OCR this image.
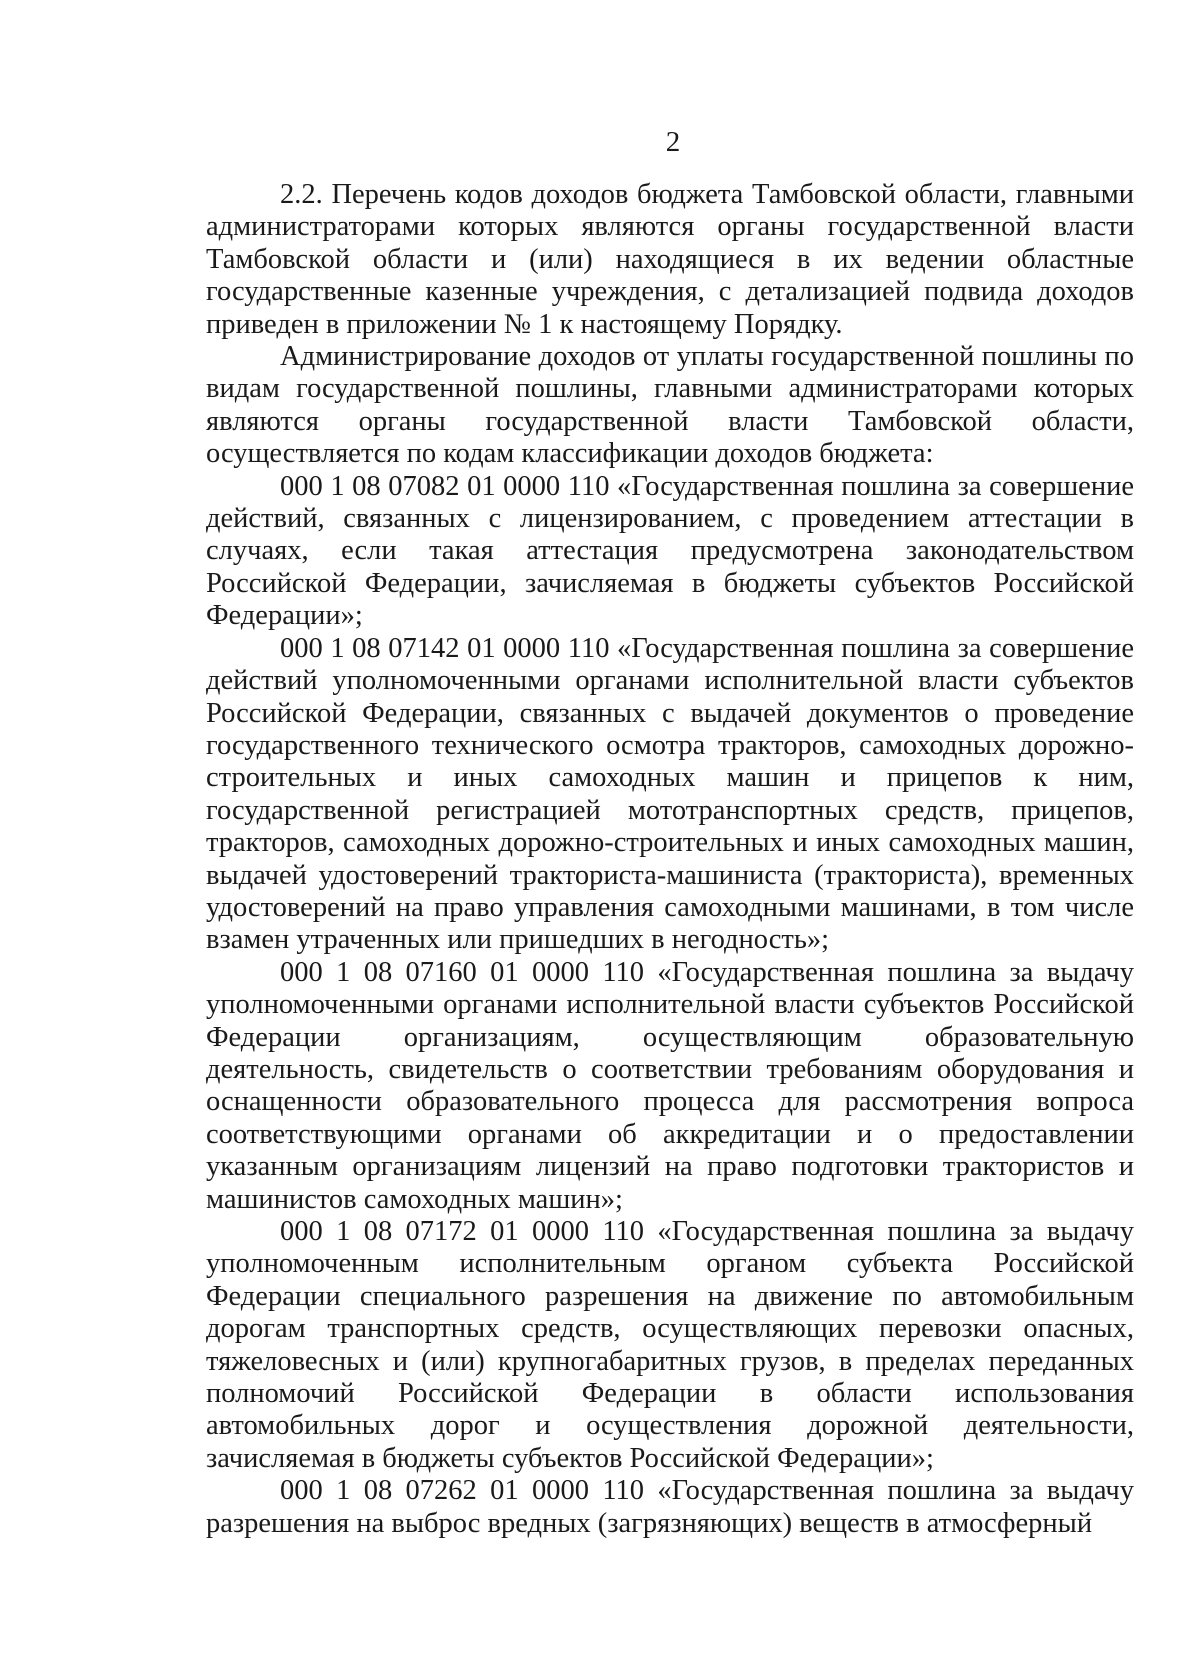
2

2.2. Перечень кодов доходов бюджета Тамбовской области, главными администраторами которых являются органы государственной власти Тамбовской области и (или) находящиеся в их ведении областные государственные казенные учреждения, с детализацией подвида доходов приведен в приложении № 1 к настоящему Порядку.

Администрирование доходов от уплаты государственной пошлины по видам государственной пошлины, главными администраторами которых являются органы государственной власти Тамбовской области, осуществляется по кодам классификации доходов бюджета:

000 1 08 07082 01 0000 110 «Государственная пошлина за совершение действий, связанных с лицензированием, с проведением аттестации в случаях, если такая аттестация предусмотрена законодательством Российской Федерации, зачисляемая в бюджеты субъектов Российской Федерации»;

000 1 08 07142 01 0000 110 «Государственная пошлина за совершение действий уполномоченными органами исполнительной власти субъектов Российской Федерации, связанных с выдачей документов о проведение государственного технического осмотра тракторов, самоходных дорожно-строительных и иных самоходных машин и прицепов к ним, государственной регистрацией мототранспортных средств, прицепов, тракторов, самоходных дорожно-строительных и иных самоходных машин, выдачей удостоверений тракториста-машиниста (тракториста), временных удостоверений на право управления самоходными машинами, в том числе взамен утраченных или пришедших в негодность»;

000 1 08 07160 01 0000 110 «Государственная пошлина за выдачу уполномоченными органами исполнительной власти субъектов Российской Федерации организациям, осуществляющим образовательную деятельность, свидетельств о соответствии требованиям оборудования и оснащенности образовательного процесса для рассмотрения вопроса соответствующими органами об аккредитации и о предоставлении указанным организациям лицензий на право подготовки трактористов и машинистов самоходных машин»;

000 1 08 07172 01 0000 110 «Государственная пошлина за выдачу уполномоченным исполнительным органом субъекта Российской Федерации специального разрешения на движение по автомобильным дорогам транспортных средств, осуществляющих перевозки опасных, тяжеловесных и (или) крупногабаритных грузов, в пределах переданных полномочий Российской Федерации в области использования автомобильных дорог и осуществления дорожной деятельности, зачисляемая в бюджеты субъектов Российской Федерации»;

000 1 08 07262 01 0000 110 «Государственная пошлина за выдачу разрешения на выброс вредных (загрязняющих) веществ в атмосферный
